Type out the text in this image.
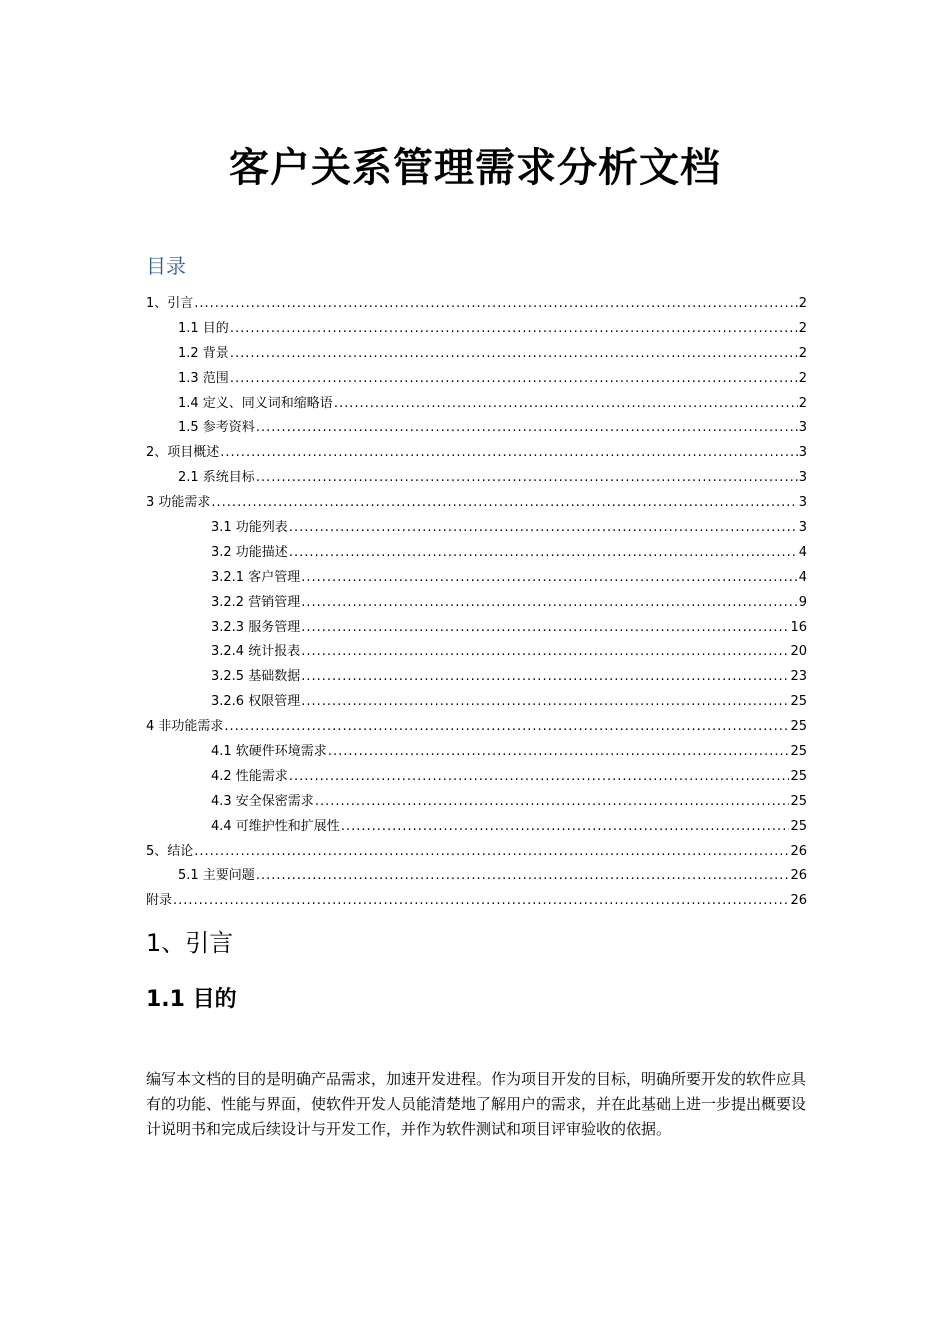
客户关系管理需求分析文档
目录
1、引言 .....	2
1.1 目的 .....	2
1.2 背景 .....	2
1.3 范围 .....	2
1.4 定义、同义词和缩略语 .....	2
1.5 参考资料 .....	3
2、项目概述 .....	3
2.1 系统目标 .....	3
3 功能需求 .....	3
3.1 功能列表 .....	3
3.2 功能描述 .....	4
3.2.1 客户管理 .....	4
3.2.2 营销管理 .....	9
3.2.3 服务管理 .....	16
3.2.4 统计报表 .....	20
3.2.5 基础数据 .....	23
3.2.6 权限管理 .....	25
4 非功能需求 .....	25
4.1 软硬件环境需求 .....	25
4.2 性能需求 .....	25
4.3 安全保密需求 .....	25
4.4 可维护性和扩展性 .....	25
5、结论 .....	26
5.1 主要问题 .....	26
附录 .....	26
1、引言
1.1 目的

编写本文档的目的是明确产品需求，加速开发进程。作为项目开发的目标，明确所要开发的软件应具有的功能、性能与界面，使软件开发人员能清楚地了解用户的需求，并在此基础上进一步提出概要设计说明书和完成后续设计与开发工作，并作为软件测试和项目评审验收的依据。
